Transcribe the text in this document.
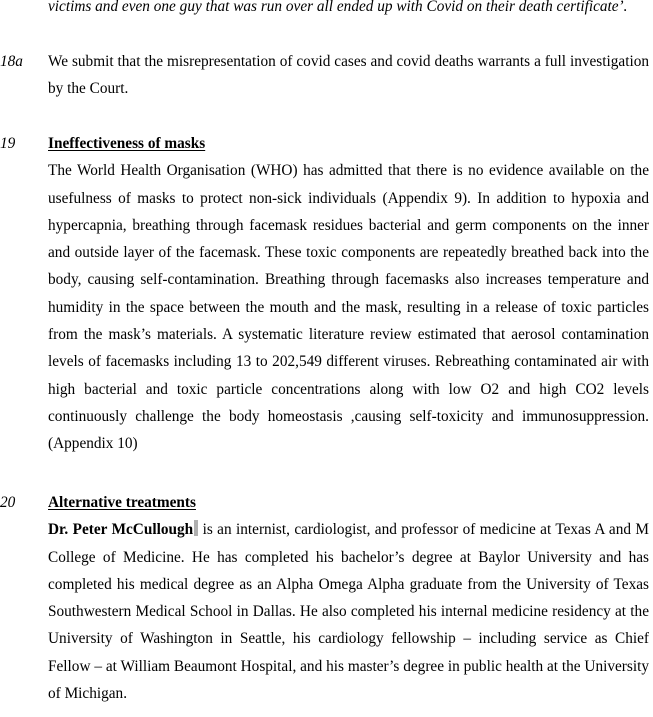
victims and even one guy that was run over all ended up with Covid on their death certificate’.

18a We submit that the misrepresentation of covid cases and covid deaths warrants a full investigation by the Court.

19 Ineffectiveness of masks

The World Health Organisation (WHO) has admitted that there is no evidence available on the usefulness of masks to protect non-sick individuals (Appendix 9). In addition to hypoxia and hypercapnia, breathing through facemask residues bacterial and germ components on the inner and outside layer of the facemask. These toxic components are repeatedly breathed back into the body, causing self-contamination. Breathing through facemasks also increases temperature and humidity in the space between the mouth and the mask, resulting in a release of toxic particles from the mask’s materials. A systematic literature review estimated that aerosol contamination levels of facemasks including 13 to 202,549 different viruses. Rebreathing contaminated air with high bacterial and toxic particle concentrations along with low O2 and high CO2 levels continuously challenge the body homeostasis ,causing self-toxicity and immunosuppression. (Appendix 10)

20 Alternative treatments

Dr. Peter McCullough is an internist, cardiologist, and professor of medicine at Texas A and M College of Medicine. He has completed his bachelor’s degree at Baylor University and has completed his medical degree as an Alpha Omega Alpha graduate from the University of Texas Southwestern Medical School in Dallas. He also completed his internal medicine residency at the University of Washington in Seattle, his cardiology fellowship – including service as Chief Fellow – at William Beaumont Hospital, and his master’s degree in public health at the University of Michigan.
